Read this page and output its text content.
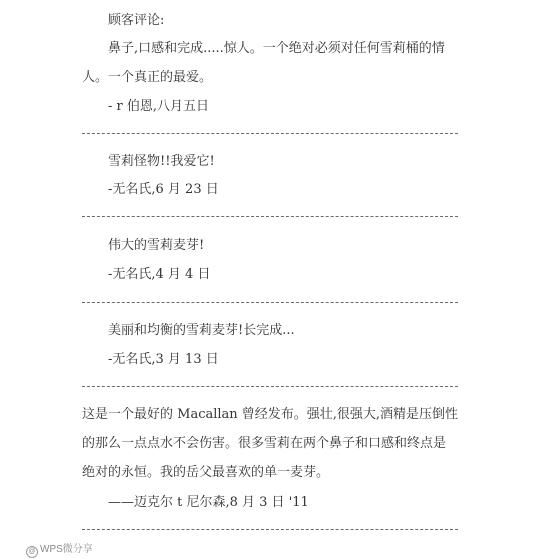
顾客评论:
鼻子,口感和完成.....惊人。一个绝对必须对任何雪莉桶的情
人。一个真正的最爱。
- r 伯恩,八月五日
雪莉怪物!!我爱它!
-无名氏,6 月 23 日
伟大的雪莉麦芽!
-无名氏,4 月 4 日
美丽和均衡的雪莉麦芽!长完成...
-无名氏,3 月 13 日
这是一个最好的 Macallan 曾经发布。强壮,很强大,酒精是压倒性
的那么一点点水不会伤害。很多雪莉在两个鼻子和口感和终点是
绝对的永恒。我的岳父最喜欢的单一麦芽。
——迈克尔 t 尼尔森,8 月 3 日 '11
@ WPS微分享
